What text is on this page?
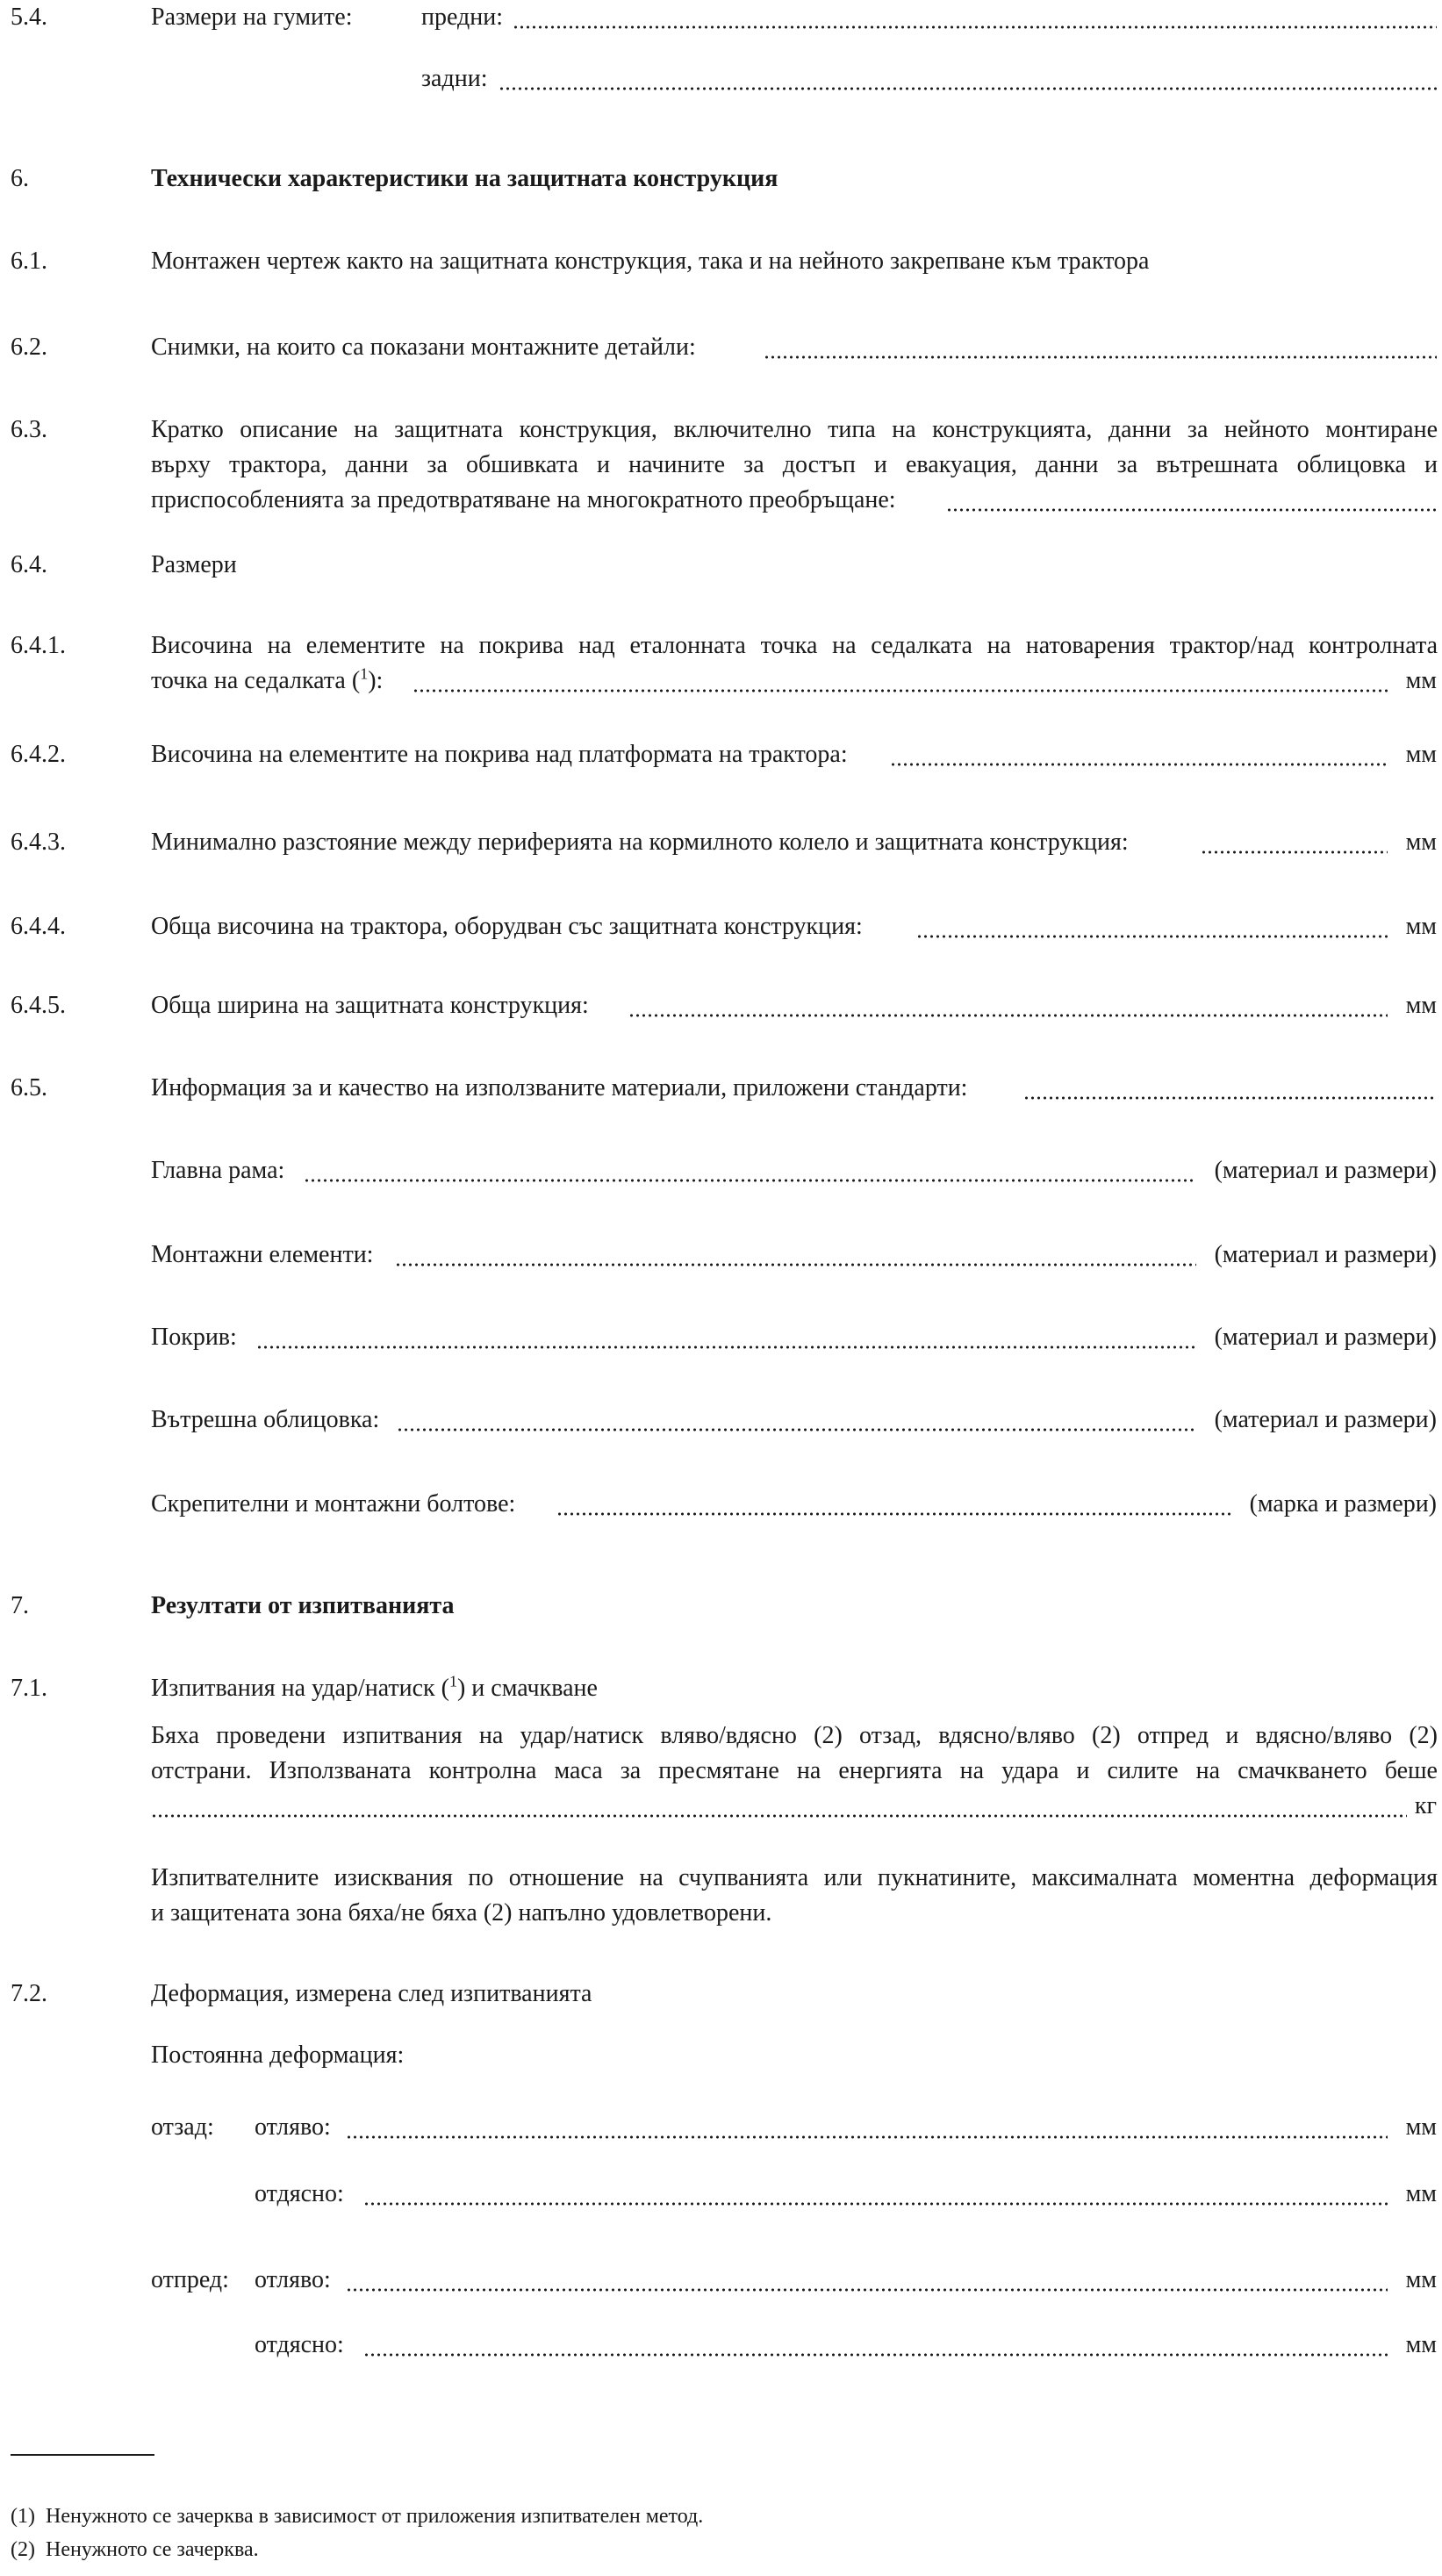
5.4.	Размери на гумите:	предни:
задни:
6.	Технически характеристики на защитната конструкция
6.1.	Монтажен чертеж както на защитната конструкция, така и на нейното закрепване към трактора
6.2.	Снимки, на които са показани монтажните детайли:
6.3.	Кратко описание на защитната конструкция, включително типа на конструкцията, данни за нейното монтиране
върху трактора, данни за обшивката и начините за достъп и евакуация, данни за вътрешната облицовка и
приспособленията за предотвратяване на многократното преобръщане:
6.4.	Размери
6.4.1.	Височина на елементите на покрива над еталонната точка на седалката на натоварения трактор/над контролната
точка на седалката ($^1$):	мм
6.4.2.	Височина на елементите на покрива над платформата на трактора:	мм
6.4.3.	Минимално разстояние между периферията на кормилното колело и защитната конструкция:	мм
6.4.4.	Обща височина на трактора, оборудван със защитната конструкция:	мм
6.4.5.	Обща ширина на защитната конструкция:	мм
6.5.	Информация за и качество на използваните материали, приложени стандарти:
Главна рама:	(материал и размери)
Монтажни елементи:	(материал и размери)
Покрив:	(материал и размери)
Вътрешна облицовка:	(материал и размери)
Скрепителни и монтажни болтове:	(марка и размери)
7.	Резултати от изпитванията
7.1.	Изпитвания на удар/натиск ($^1$) и смачкване
Бяха проведени изпитвания на удар/натиск вляво/вдясно (2) отзад, вдясно/вляво (2) отпред и вдясно/вляво (2)
отстрани. Използваната контролна маса за пресмятане на енергията на удара и силите на смачкването беше
кг
Изпитвателните изисквания по отношение на счупванията или пукнатините, максималната моментна деформация
и защитената зона бяха/не бяха (2) напълно удовлетворени.
7.2.	Деформация, измерена след изпитванията
Постоянна деформация:
отзад: отляво:	мм
отдясно:	мм
отпред: отляво:	мм
отдясно:	мм
(1) Ненужното се зачерква в зависимост от приложения изпитвателен метод.
(2) Ненужното се зачерква.
